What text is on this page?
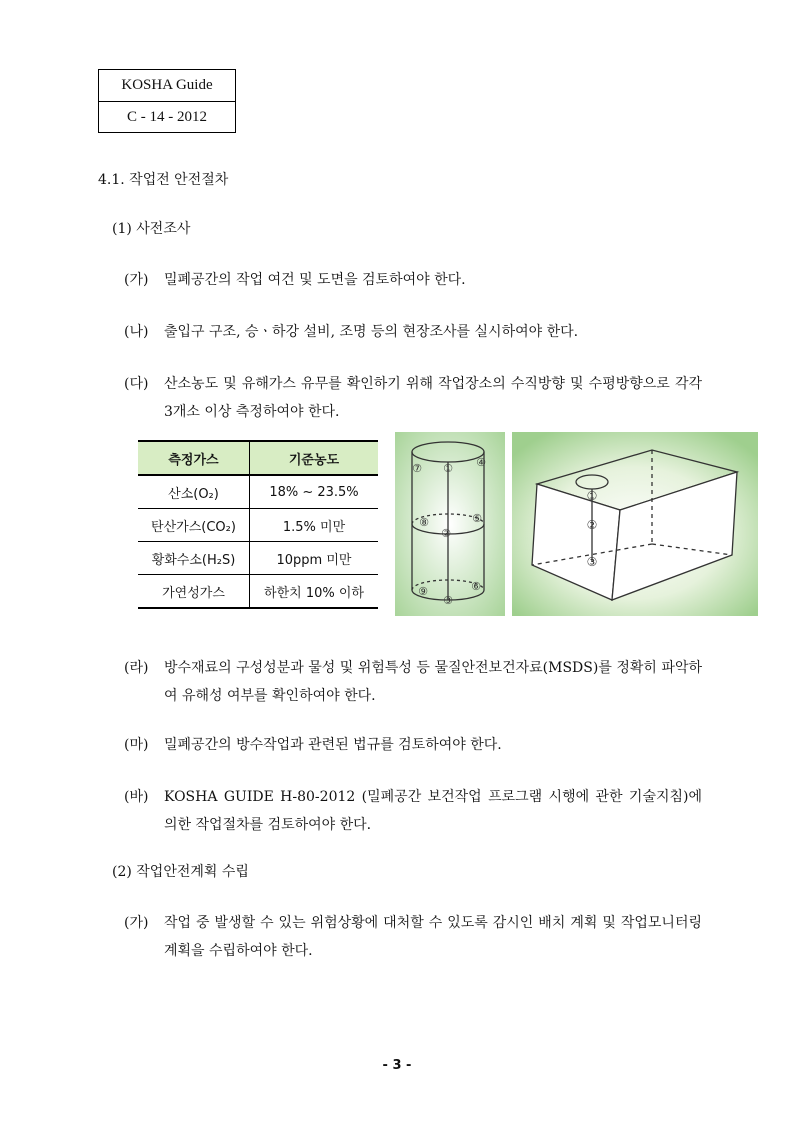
KOSHA Guide
C - 14 - 2012
4.1. 작업전 안전절차
(1) 사전조사
(가) 밀폐공간의 작업 여건 및 도면을 검토하여야 한다.
(나) 출입구 구조, 승ㆍ하강 설비, 조명 등의 현장조사를 실시하여야 한다.
(다) 산소농도 및 유해가스 유무를 확인하기 위해 작업장소의 수직방향 및 수평방향으로 각각 3개소 이상 측정하여야 한다.
측정가스	기준농도
산소(O₂)	18% ~ 23.5%
탄산가스(CO₂)	1.5% 미만
황화수소(H₂S)	10ppm 미만
가연성가스	하한치 10% 이하
⑦ ① ④
⑧
②
⑤
⑨
③
⑥
①
②
③
(라) 방수재료의 구성성분과 물성 및 위험특성 등 물질안전보건자료(MSDS)를 정확히 파악하여 유해성 여부를 확인하여야 한다.
(마) 밀폐공간의 방수작업과 관련된 법규를 검토하여야 한다.
(바) KOSHA GUIDE H-80-2012 (밀폐공간 보건작업 프로그램 시행에 관한 기술지침)에 의한 작업절차를 검토하여야 한다.
(2) 작업안전계획 수립
(가) 작업 중 발생할 수 있는 위험상황에 대처할 수 있도록 감시인 배치 계획 및 작업모니터링 계획을 수립하여야 한다.
- 3 -
